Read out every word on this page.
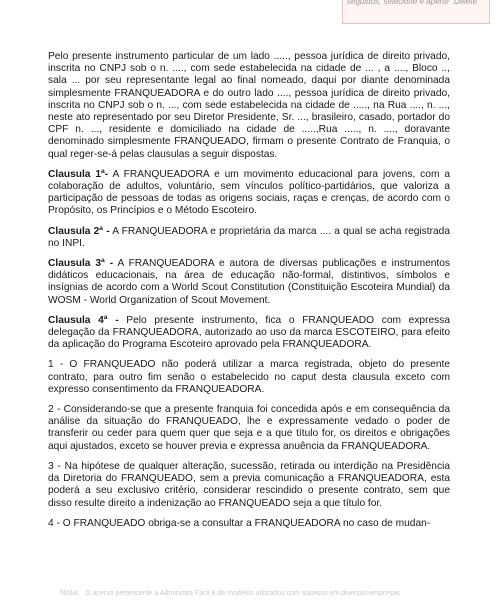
seguidos, selecione e aperte "Delete"

Pelo presente instrumento particular de um lado ....., pessoa jurídica de direito privado, inscrita no CNPJ sob o n. ...., com sede estabelecida na cidade de ... , a ...., Bloco .., sala ... por seu representante legal ao final nomeado, daqui por diante denominada simplesmente FRANQUEADORA e do outro lado ...., pessoa jurídica de direito privado, inscrita no CNPJ sob o n. ..., com sede estabelecida na cidade de ....., na Rua ...., n. ..., neste ato representado por seu Diretor Presidente, Sr. ..., brasileiro, casado, portador do CPF n. ..., residente e domiciliado na cidade de .....,Rua ....., n. ...., doravante denominado simplesmente FRANQUEADO, firmam o presente Contrato de Franquia, o qual reger-se-á pelas clausulas a seguir dispostas.

Clausula 1ª- A FRANQUEADORA e um movimento educacional para jovens, com a colaboração de adultos, voluntário, sem vínculos político-partidários, que valoriza a participação de pessoas de todas as origens sociais, raças e crenças, de acordo com o Propósito, os Princípios e o Método Escoteiro.

Clausula 2ª - A FRANQUEADORA e proprietária da marca .... a qual se acha registrada no INPI.

Clausula 3ª - A FRANQUEADORA e autora de diversas publicações e instrumentos didáticos educacionais, na área de educação não-formal, distintivos, símbolos e insígnias de acordo com a World Scout Constitution (Constituição Escoteira Mundial) da WOSM - World Organization of Scout Movement.

Clausula 4ª - Pelo presente instrumento, fica o FRANQUEADO com expressa delegação da FRANQUEADORA, autorizado ao uso da marca ESCOTEIRO, para efeito da aplicação do Programa Escoteiro aprovado pela FRANQUEADORA.

1 - O FRANQUEADO não poderá utilizar a marca registrada, objeto do presente contrato, para outro fim senão o estabelecido no caput desta clausula exceto com expresso consentimento da FRANQUEADORA.

2 - Considerando-se que a presente franquia foi concedida após e em consequência da análise da situação do FRANQUEADO, lhe e expressamente vedado o poder de transferir ou ceder para quem quer que seja e a que título for, os direitos e obrigações aqui ajustados, exceto se houver previa e expressa anuência da FRANQUEADORA.

3 - Na hipótese de qualquer alteração, sucessão, retirada ou interdição na Presidência da Diretoria do FRANQUEADO, sem a previa comunicação a FRANQUEADORA, esta poderá a seu exclusivo critério, considerar rescindido o presente contrato, sem que disso resulte direito a indenização ao FRANQUEADO seja a que título for.

4 - O FRANQUEADO obriga-se a consultar a FRANQUEADORA no caso de mudan-

Nota: O acervo pertencente a Administra Fácil é de modelos utilizados com sucesso em diversas empresas
